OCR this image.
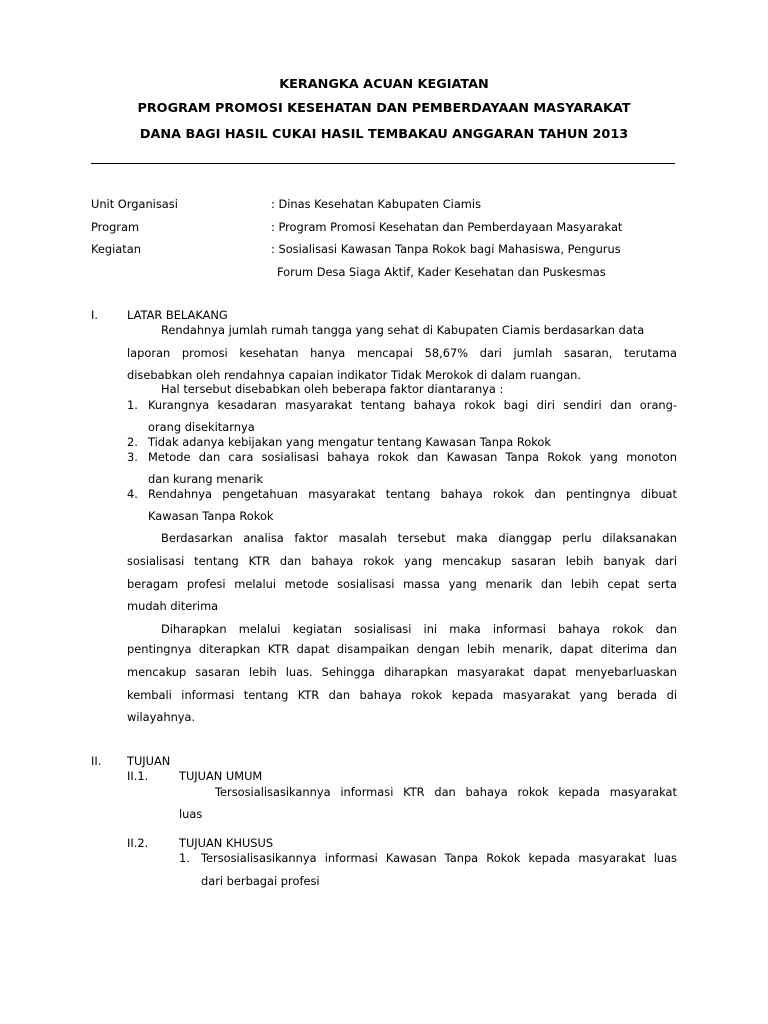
KERANGKA ACUAN KEGIATAN
PROGRAM PROMOSI KESEHATAN DAN PEMBERDAYAAN MASYARAKAT
DANA BAGI HASIL CUKAI HASIL TEMBAKAU ANGGARAN TAHUN 2013
Unit Organisasi	: Dinas Kesehatan Kabupaten Ciamis
Program	: Program Promosi Kesehatan dan Pemberdayaan Masyarakat
Kegiatan	: Sosialisasi Kawasan Tanpa Rokok bagi Mahasiswa, Pengurus
Forum Desa Siaga Aktif, Kader Kesehatan dan Puskesmas
I.	LATAR BELAKANG
Rendahnya jumlah rumah tangga yang sehat di Kabupaten Ciamis berdasarkan data
laporan promosi kesehatan hanya mencapai 58,67% dari jumlah sasaran, terutama
disebabkan oleh rendahnya capaian indikator Tidak Merokok di dalam ruangan.
Hal tersebut disebabkan oleh beberapa faktor diantaranya :
1. Kurangnya kesadaran masyarakat tentang bahaya rokok bagi diri sendiri dan orang-
orang disekitarnya
2. Tidak adanya kebijakan yang mengatur tentang Kawasan Tanpa Rokok
3. Metode dan cara sosialisasi bahaya rokok dan Kawasan Tanpa Rokok yang monoton
dan kurang menarik
4. Rendahnya pengetahuan masyarakat tentang bahaya rokok dan pentingnya dibuat
Kawasan Tanpa Rokok
Berdasarkan analisa faktor masalah tersebut maka dianggap perlu dilaksanakan
sosialisasi tentang KTR dan bahaya rokok yang mencakup sasaran lebih banyak dari
beragam profesi melalui metode sosialisasi massa yang menarik dan lebih cepat serta
mudah diterima
Diharapkan melalui kegiatan sosialisasi ini maka informasi bahaya rokok dan
pentingnya diterapkan KTR dapat disampaikan dengan lebih menarik, dapat diterima dan
mencakup sasaran lebih luas. Sehingga diharapkan masyarakat dapat menyebarluaskan
kembali informasi tentang KTR dan bahaya rokok kepada masyarakat yang berada di
wilayahnya.
II. TUJUAN
II.1.	TUJUAN UMUM
Tersosialisasikannya informasi KTR dan bahaya rokok kepada masyarakat
luas
II.2.	TUJUAN KHUSUS
1. Tersosialisasikannya informasi Kawasan Tanpa Rokok kepada masyarakat luas
dari berbagai profesi
